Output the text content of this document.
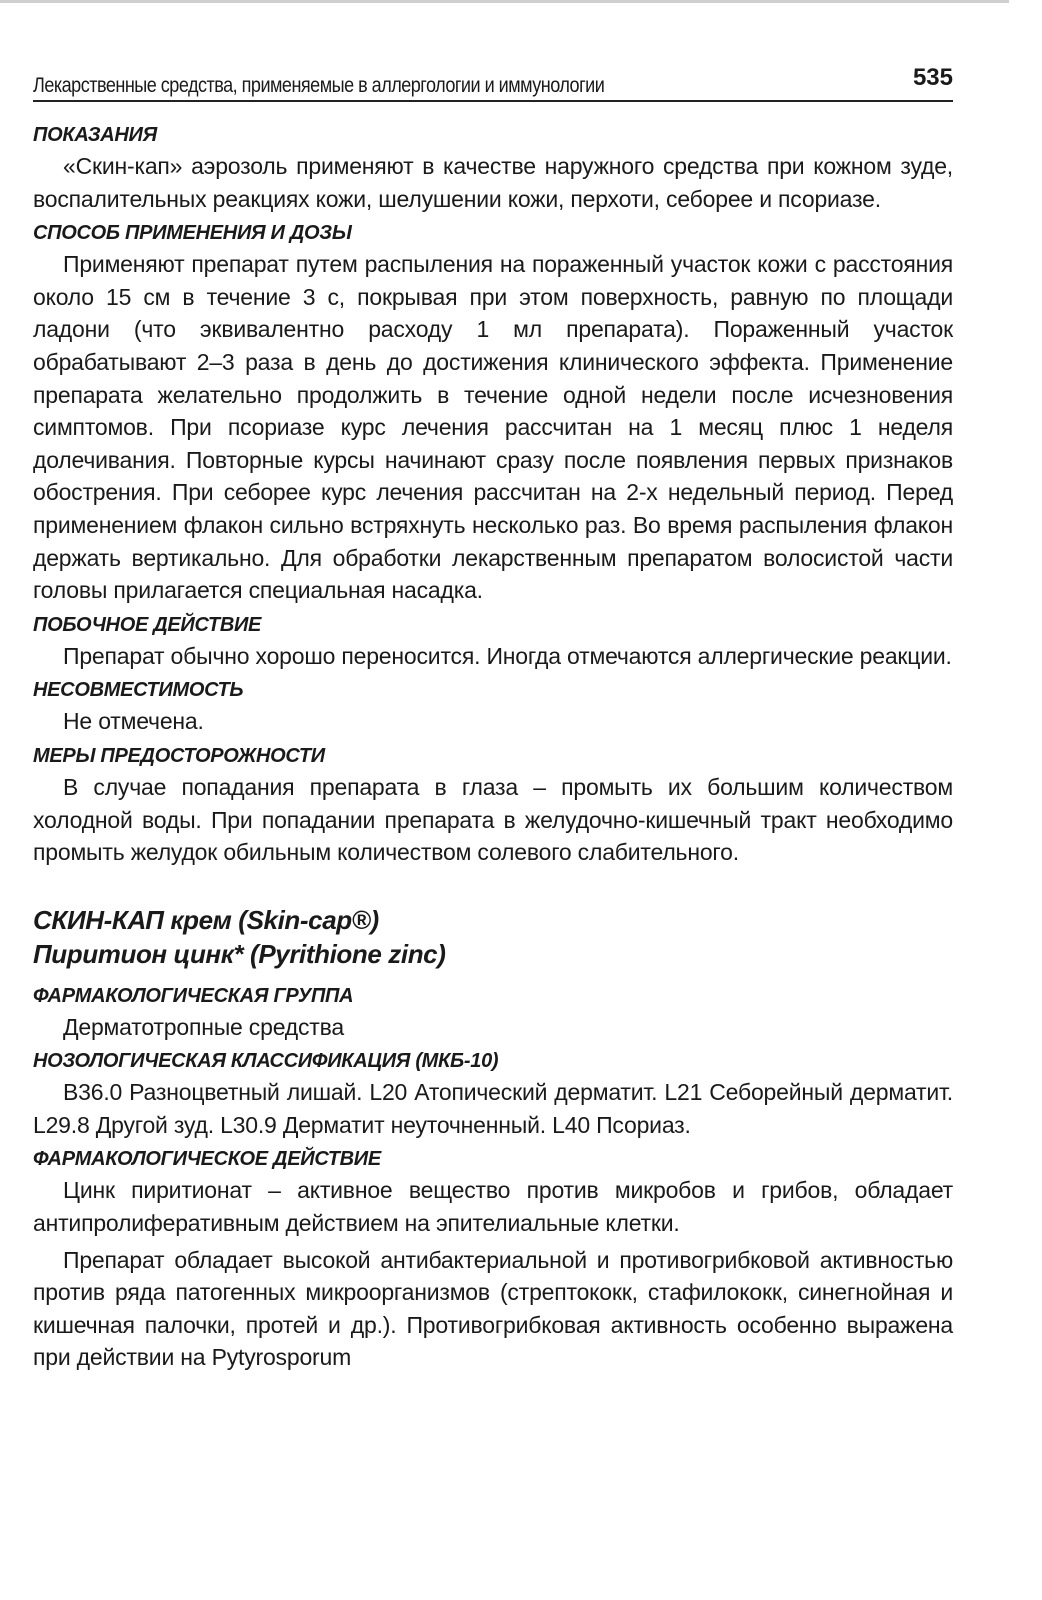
Лекарственные средства, применяемые в аллергологии и иммунологии	535
ПОКАЗАНИЯ

«Скин-кап» аэрозоль применяют в качестве наружного средства при кожном зуде, воспалительных реакциях кожи, шелушении кожи, перхоти, себорее и псориазе.

СПОСОБ ПРИМЕНЕНИЯ И ДОЗЫ

Применяют препарат путем распыления на пораженный участок кожи с расстояния около 15 см в течение 3 с, покрывая при этом поверхность, равную по площади ладони (что эквивалентно расходу 1 мл препарата). Пораженный участок обрабатывают 2–3 раза в день до достижения клинического эффекта. Применение препарата желательно продолжить в течение одной недели после исчезновения симптомов. При псориазе курс лечения рассчитан на 1 месяц плюс 1 неделя долечивания. Повторные курсы начинают сразу после появления первых признаков обострения. При себорее курс лечения рассчитан на 2-х недельный период. Перед применением флакон сильно встряхнуть несколько раз. Во время распыления флакон держать вертикально. Для обработки лекарственным препаратом волосистой части головы прилагается специальная насадка.

ПОБОЧНОЕ ДЕЙСТВИЕ

Препарат обычно хорошо переносится. Иногда отмечаются аллергические реакции.

НЕСОВМЕСТИМОСТЬ

Не отмечена.

МЕРЫ ПРЕДОСТОРОЖНОСТИ

В случае попадания препарата в глаза – промыть их большим количеством холодной воды. При попадании препарата в желудочно-кишечный тракт необходимо промыть желудок обильным количеством солевого слабительного.

СКИН-КАП крем (Skin-cap®)
Пиритион цинк* (Pyrithione zinc)
ФАРМАКОЛОГИЧЕСКАЯ ГРУППА

Дерматотропные средства

НОЗОЛОГИЧЕСКАЯ КЛАССИФИКАЦИЯ (МКБ-10)

B36.0 Разноцветный лишай. L20 Атопический дерматит. L21 Себорейный дерматит. L29.8 Другой зуд. L30.9 Дерматит неуточненный. L40 Псориаз.

ФАРМАКОЛОГИЧЕСКОЕ ДЕЙСТВИЕ

Цинк пиритионат – активное вещество против микробов и грибов, обладает антипролиферативным действием на эпителиальные клетки.

Препарат обладает высокой антибактериальной и противогрибковой активностью против ряда патогенных микроорганизмов (стрептококк, стафилококк, синегнойная и кишечная палочки, протей и др.). Противогрибковая активность особенно выражена при действии на Pytyrosporum
